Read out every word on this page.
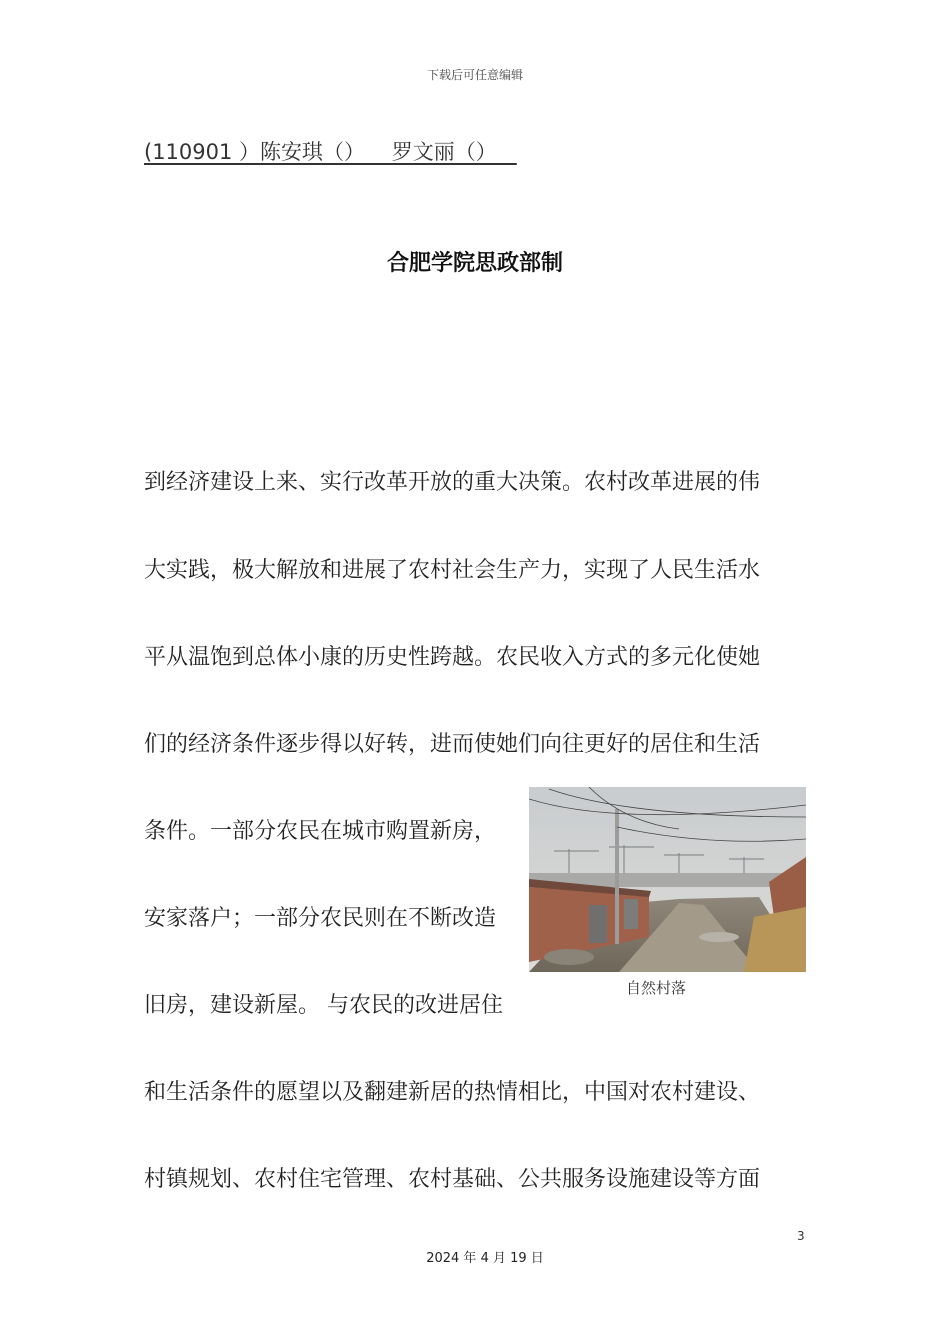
下载后可任意编辑
(110901 ）陈安琪（）    罗文丽（）
合肥学院思政部制
到经济建设上来、实行改革开放的重大决策。农村改革进展的伟
大实践，极大解放和进展了农村社会生产力，实现了人民生活水
平从温饱到总体小康的历史性跨越。农民收入方式的多元化使她
们的经济条件逐步得以好转，进而使她们向往更好的居住和生活
条件。一部分农民在城市购置新房，
安家落户；一部分农民则在不断改造
旧房，建设新屋。 与农民的改进居住
和生活条件的愿望以及翻建新居的热情相比，中国对农村建设、
村镇规划、农村住宅管理、农村基础、公共服务设施建设等方面
自然村落
3
2024 年 4 月 19 日
